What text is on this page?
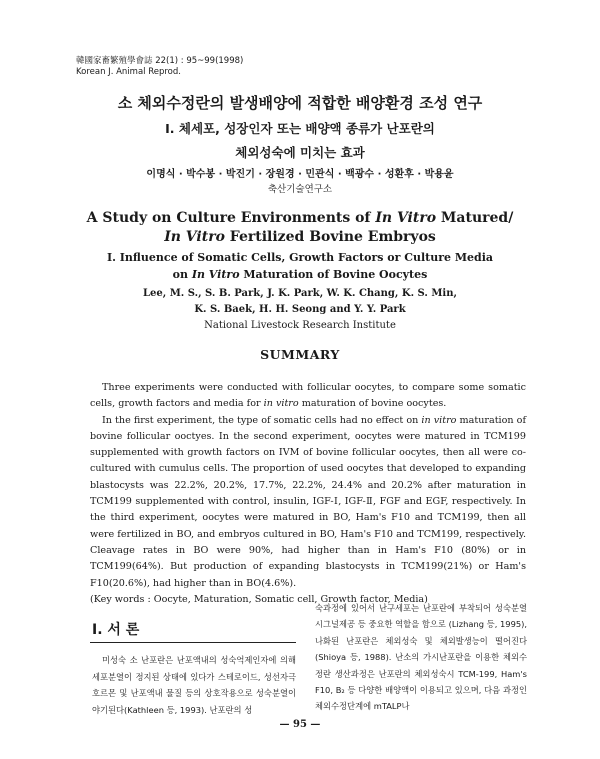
韓國家畜繁殖學會誌 22(1) : 95~99(1998)
Korean J. Animal Reprod.
소 체외수정란의 발생배양에 적합한 배양환경 조성 연구
Ⅰ. 체세포, 성장인자 또는 배양액 종류가 난포란의
체외성숙에 미치는 효과
이명식 · 박수봉 · 박진기 · 장원경 · 민관식 · 백광수 · 성환후 · 박용윤
축산기술연구소
A Study on Culture Environments of In Vitro Matured/
In Vitro Fertilized Bovine Embryos
Ⅰ. Influence of Somatic Cells, Growth Factors or Culture Media
on In Vitro Maturation of Bovine Oocytes
Lee, M. S., S. B. Park, J. K. Park, W. K. Chang, K. S. Min,
K. S. Baek, H. H. Seong and Y. Y. Park
National Livestock Research Institute
SUMMARY

Three experiments were conducted with follicular oocytes, to compare some somatic cells, growth factors and media for in vitro maturation of bovine oocytes.

In the first experiment, the type of somatic cells had no effect on in vitro maturation of bovine follicular ooctyes. In the second experiment, oocytes were matured in TCM199 supplemented with growth factors on IVM of bovine follicular oocytes, then all were co-cultured with cumulus cells. The proportion of used oocytes that developed to expanding blastocysts was 22.2%, 20.2%, 17.7%, 22.2%, 24.4% and 20.2% after maturation in TCM199 supplemented with control, insulin, IGF-Ⅰ, IGF-Ⅱ, FGF and EGF, respectively. In the third experiment, oocytes were matured in BO, Ham's F10 and TCM199, then all were fertilized in BO, and embryos cultured in BO, Ham's F10 and TCM199, respectively. Cleavage rates in BO were 90%, had higher than in Ham's F10 (80%) or in TCM199(64%). But production of expanding blastocysts in TCM199(21%) or Ham's F10(20.6%), had higher than in BO(4.6%).

(Key words : Oocyte, Maturation, Somatic cell, Growth factor, Media)

Ⅰ. 서 론

미성숙 소 난포란은 난포액내의 성숙억제인자에 의해 세포분열이 정지된 상태에 있다가 스테로이드, 성선자극호르몬 및 난포액내 물질 등의 상호작용으로 성숙분열이 야기된다(Kathleen 등, 1993). 난포란의 성

숙과정에 있어서 난구세포는 난포란에 부착되어 성숙분열시그널제공 등 중요한 역할을 함으로 (Lizhang 등, 1995), 나화된 난포란은 체외성숙 및 체외발생능이 떨어진다(Shioya 등, 1988). 난소의 가시난포란을 이용한 체외수정란 생산과정은 난포란의 체외성숙시 TCM-199, Ham's F10, B₂ 등 다양한 배양액이 이용되고 있으며, 다음 과정인 체외수정단계에 mTALP나

— 95 —
